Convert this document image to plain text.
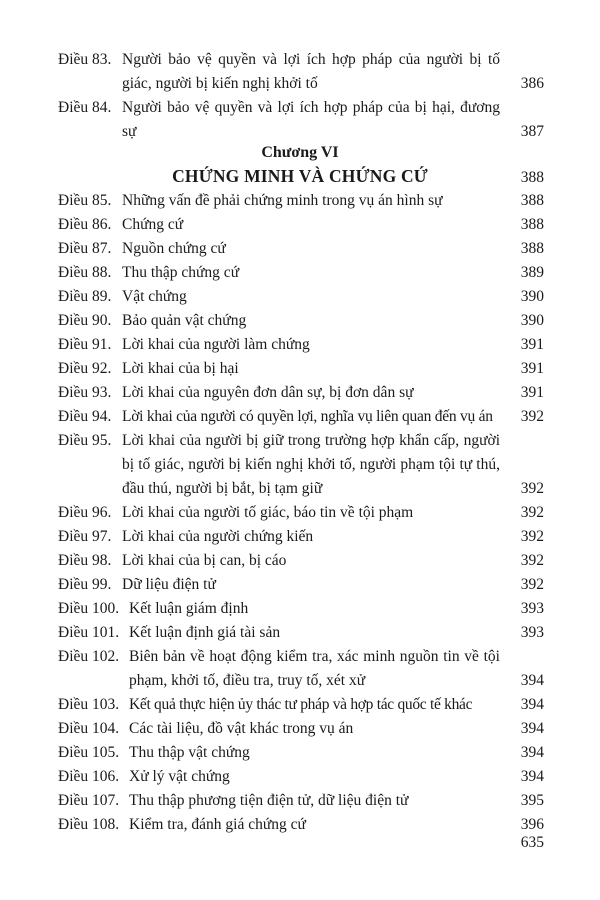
Điều 83. Người bảo vệ quyền và lợi ích hợp pháp của người bị tố giác, người bị kiến nghị khởi tố	386
Điều 84. Người bảo vệ quyền và lợi ích hợp pháp của bị hại, đương sự	387
Chương VI
CHỨNG MINH VÀ CHỨNG CỨ	388
Điều 85. Những vấn đề phải chứng minh trong vụ án hình sự	388
Điều 86. Chứng cứ	388
Điều 87. Nguồn chứng cứ	388
Điều 88. Thu thập chứng cứ	389
Điều 89. Vật chứng	390
Điều 90. Bảo quản vật chứng	390
Điều 91. Lời khai của người làm chứng	391
Điều 92. Lời khai của bị hại	391
Điều 93. Lời khai của nguyên đơn dân sự, bị đơn dân sự	391
Điều 94. Lời khai của người có quyền lợi, nghĩa vụ liên quan đến vụ án	392
Điều 95. Lời khai của người bị giữ trong trường hợp khẩn cấp, người bị tố giác, người bị kiến nghị khởi tố, người phạm tội tự thú, đầu thú, người bị bắt, bị tạm giữ	392
Điều 96. Lời khai của người tố giác, báo tin về tội phạm	392
Điều 97. Lời khai của người chứng kiến	392
Điều 98. Lời khai của bị can, bị cáo	392
Điều 99. Dữ liệu điện tử	392
Điều 100. Kết luận giám định	393
Điều 101. Kết luận định giá tài sản	393
Điều 102. Biên bản về hoạt động kiểm tra, xác minh nguồn tin về tội phạm, khởi tố, điều tra, truy tố, xét xử	394
Điều 103. Kết quả thực hiện ủy thác tư pháp và hợp tác quốc tế khác	394
Điều 104. Các tài liệu, đồ vật khác trong vụ án	394
Điều 105. Thu thập vật chứng	394
Điều 106. Xử lý vật chứng	394
Điều 107. Thu thập phương tiện điện tử, dữ liệu điện tử	395
Điều 108. Kiểm tra, đánh giá chứng cứ	396
635
